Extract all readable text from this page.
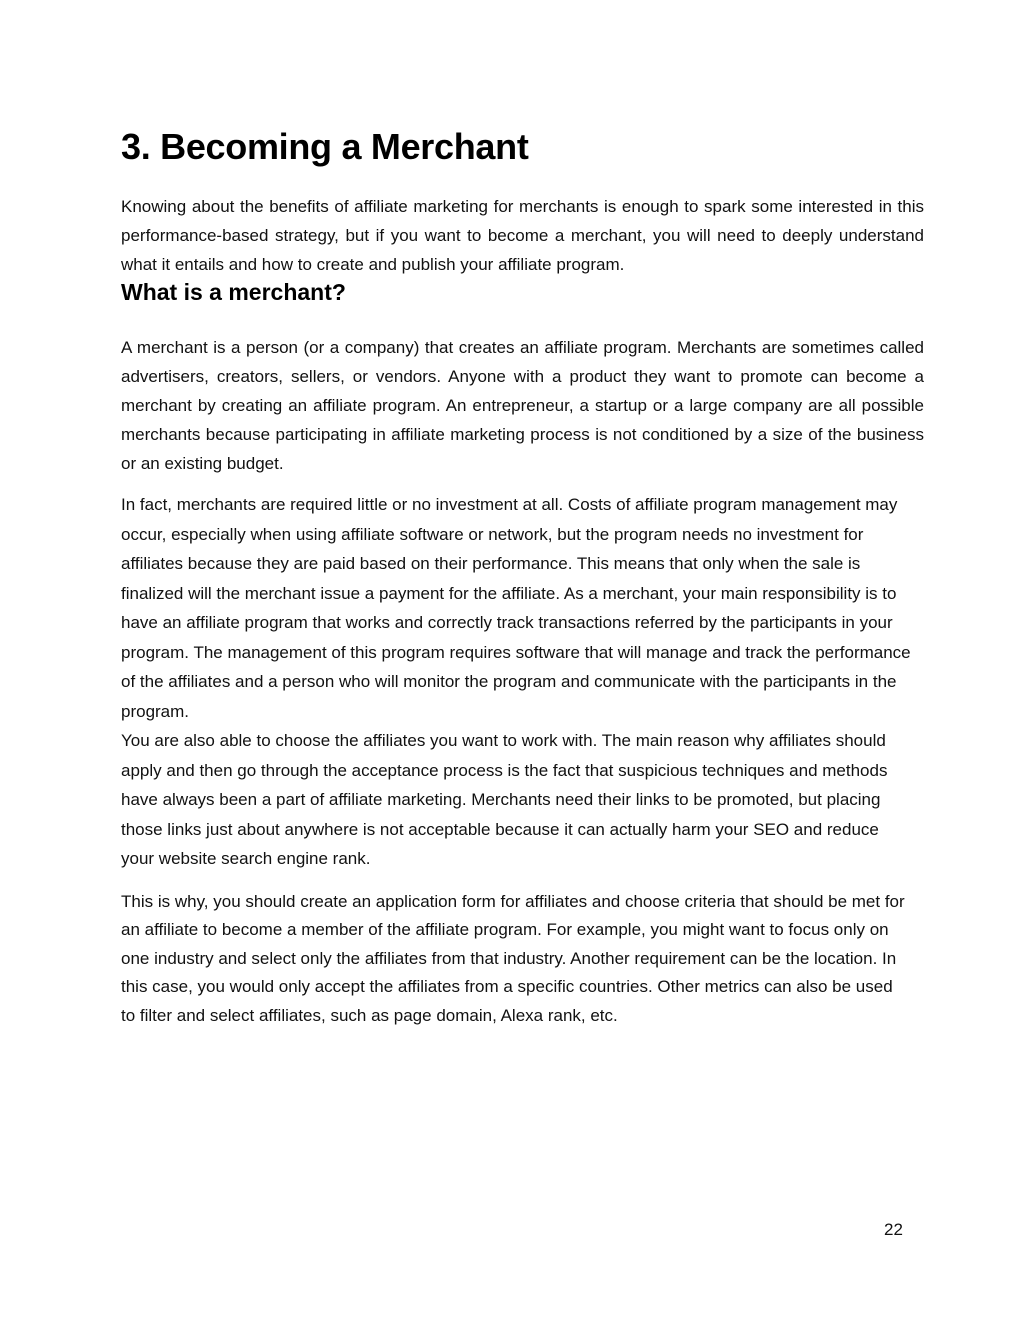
3. Becoming a Merchant

Knowing about the benefits of affiliate marketing for merchants is enough to spark some interested in this performance-based strategy, but if you want to become a merchant, you will need to deeply understand what it entails and how to create and publish your affiliate program.

What is a merchant?

A merchant is a person (or a company) that creates an affiliate program. Merchants are sometimes called advertisers, creators, sellers, or vendors. Anyone with a product they want to promote can become a merchant by creating an affiliate program. An entrepreneur, a startup or a large company are all possible merchants because participating in affiliate marketing process is not conditioned by a size of the business or an existing budget.

In fact, merchants are required little or no investment at all. Costs of affiliate program management may occur, especially when using affiliate software or network, but the program needs no investment for affiliates because they are paid based on their performance. This means that only when the sale is finalized will the merchant issue a payment for the affiliate. As a merchant, your main responsibility is to have an affiliate program that works and correctly track transactions referred by the participants in your program. The management of this program requires software that will manage and track the performance of the affiliates and a person who will monitor the program and communicate with the participants in the program.

You are also able to choose the affiliates you want to work with. The main reason why affiliates should apply and then go through the acceptance process is the fact that suspicious techniques and methods have always been a part of affiliate marketing. Merchants need their links to be promoted, but placing those links just about anywhere is not acceptable because it can actually harm your SEO and reduce your website search engine rank.

This is why, you should create an application form for affiliates and choose criteria that should be met for an affiliate to become a member of the affiliate program. For example, you might want to focus only on one industry and select only the affiliates from that industry. Another requirement can be the location. In this case, you would only accept the affiliates from a specific countries. Other metrics can also be used to filter and select affiliates, such as page domain, Alexa rank, etc.

22
